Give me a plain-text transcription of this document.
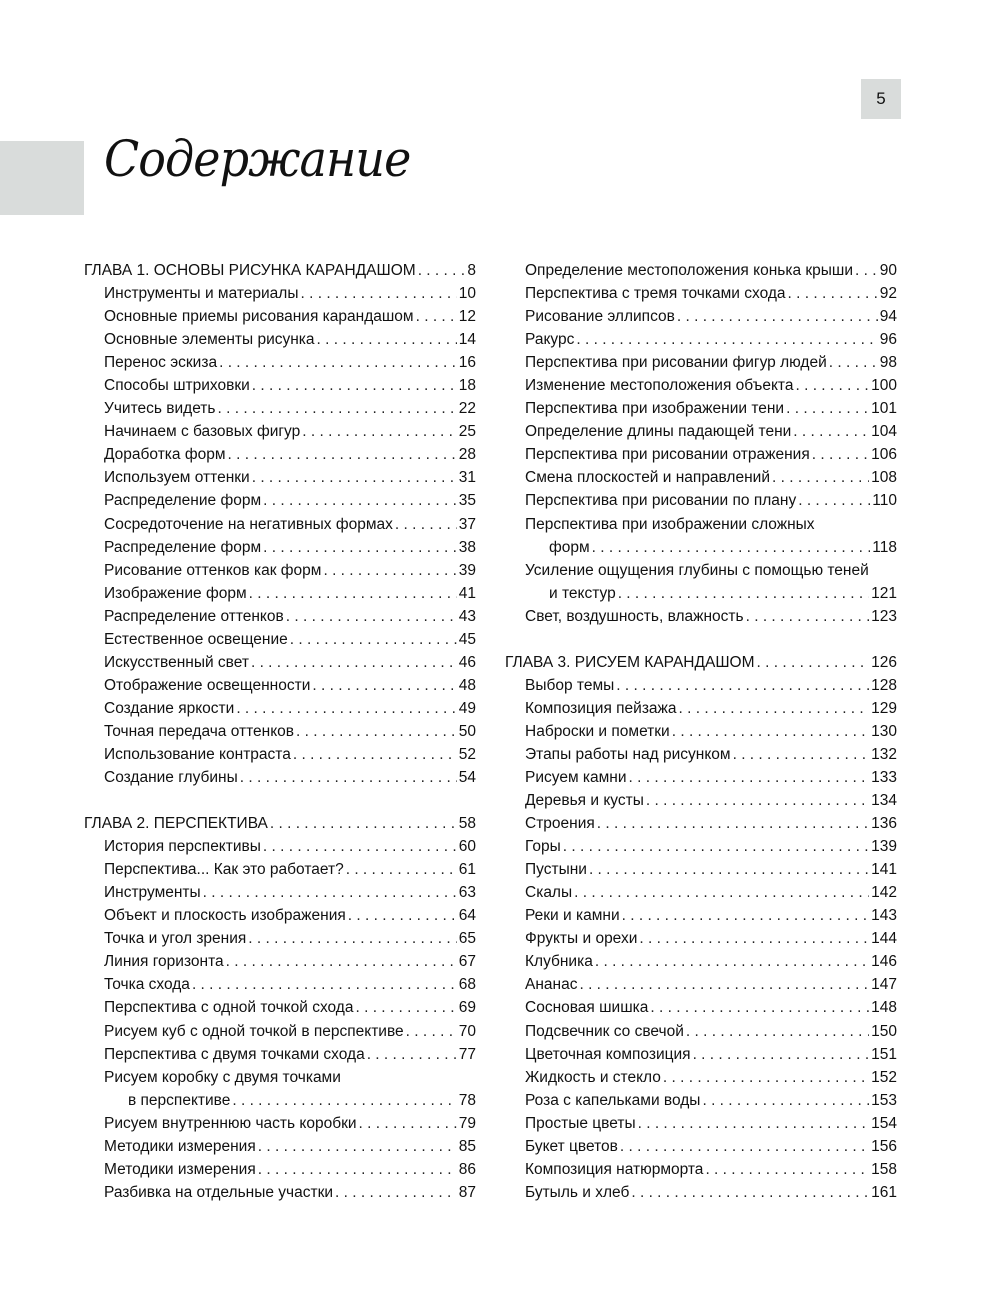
5
Содержание
ГЛАВА 1. ОСНОВЫ РИСУНКА КАРАНДАШОМ . . .	8
Инструменты и материалы . . .	10
Основные приемы рисования карандашом . . .	12
Основные элементы рисунка . . .	14
Перенос эскиза . . .	16
Способы штриховки . . .	18
Учитесь видеть . . .	22
Начинаем с базовых фигур . . .	25
Доработка форм . . .	28
Используем оттенки . . .	31
Распределение форм . . .	35
Сосредоточение на негативных формах . . .	37
Распределение форм . . .	38
Рисование оттенков как форм . . .	39
Изображение форм . . .	41
Распределение оттенков . . .	43
Естественное освещение . . .	45
Искусственный свет . . .	46
Отображение освещенности . . .	48
Создание яркости . . .	49
Точная передача оттенков . . .	50
Использование контраста . . .	52
Создание глубины . . .	54
ГЛАВА 2. ПЕРСПЕКТИВА . . .	58
История перспективы . . .	60
Перспектива... Как это работает? . . .	61
Инструменты . . .	63
Объект и плоскость изображения . . .	64
Точка и угол зрения . . .	65
Линия горизонта . . .	67
Точка схода . . .	68
Перспектива с одной точкой схода . . .	69
Рисуем куб с одной точкой в перспективе . . .	70
Перспектива с двумя точками схода . . .	77
Рисуем коробку с двумя точками
в перспективе . . .	78
Рисуем внутреннюю часть коробки . . .	79
Методики измерения . . .	85
Методики измерения . . .	86
Разбивка на отдельные участки . . .	87
Определение местоположения конька крыши . . . 90
Перспектива с тремя точками схода . . .	92
Рисование эллипсов . . .	94
Ракурс . . .	96
Перспектива при рисовании фигур людей . . .	98
Изменение местоположения объекта . . .	100
Перспектива при изображении тени . . .	101
Определение длины падающей тени . . .	104
Перспектива при рисовании отражения . . .	106
Смена плоскостей и направлений . . .	108
Перспектива при рисовании по плану . . .	110
Перспектива при изображении сложных
форм . . .	118
Усиление ощущения глубины с помощью теней
и текстур . . .	121
Свет, воздушность, влажность . . .	123
ГЛАВА 3. РИСУЕМ КАРАНДАШОМ . . .	126
Выбор темы . . .	128
Композиция пейзажа . . .	129
Наброски и пометки . . .	130
Этапы работы над рисунком . . .	132
Рисуем камни . . .	133
Деревья и кусты . . .	134
Строения . . .	136
Горы . . .	139
Пустыни . . .	141
Скалы . . .	142
Реки и камни . . .	143
Фрукты и орехи . . .	144
Клубника . . .	146
Ананас . . .	147
Сосновая шишка . . .	148
Подсвечник со свечой . . .	150
Цветочная композиция . . .	151
Жидкость и стекло . . .	152
Роза с капельками воды . . .	153
Простые цветы . . .	154
Букет цветов . . .	156
Композиция натюрморта . . .	158
Бутыль и хлеб . . .	161
